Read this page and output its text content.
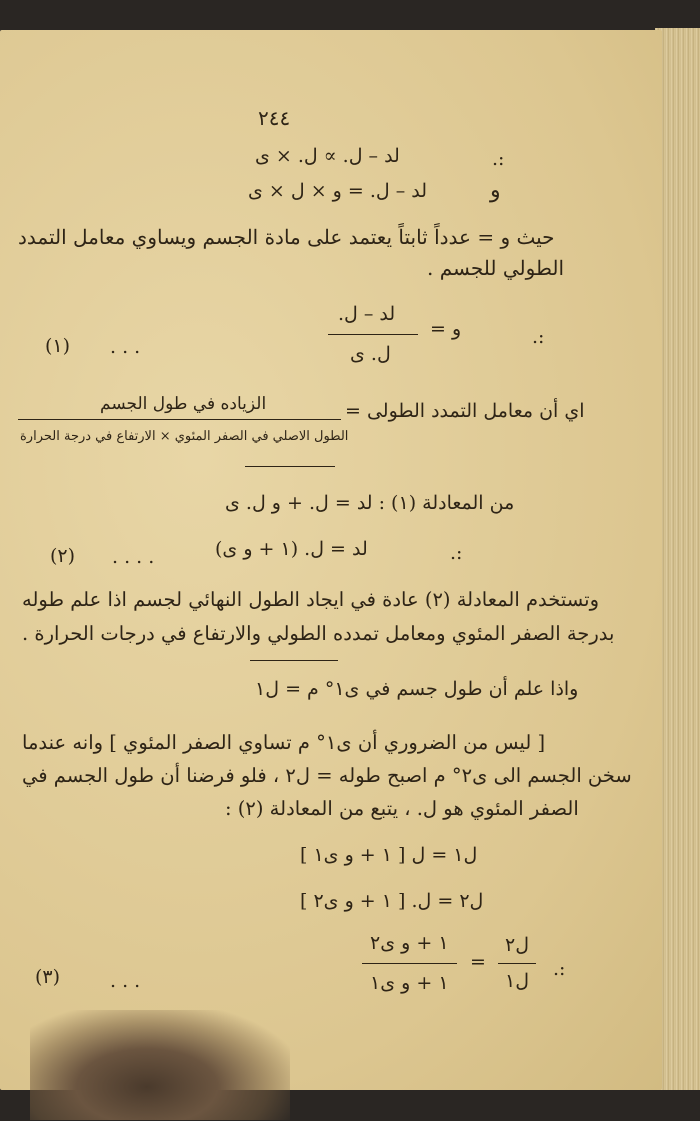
٢٤٤
.:
لد – ل. ∝ ل. × ى
ﻭ
لد – ل. = و × ل × ى
حيث و = عدداً ثابتاً يعتمد على مادة الجسم ويساوي معامل التمدد
الطولي للجسم .
.:
و =
لد – ل.
ل. ى
. . .
(١)
اي أن معامل التمدد الطولى =
الزياده في طول الجسم
الطول الاصلي في الصفر المئوي × الارتفاع في درجة الحرارة
من المعادلة (١) : لد = ل. + و ل. ى
.:
لد = ل. (١ + و ى)
. . . .
(٢)
وتستخدم المعادلة (٢) عادة في ايجاد الطول النهائي لجسم اذا علم طوله
بدرجة الصفر المئوي ومعامل تمدده الطولي والارتفاع في درجات الحرارة .
واذا علم أن طول جسم في ى١° م = ل١
[ ليس من الضروري أن ى١° م تساوي الصفر المئوي ] وانه عندما
سخن الجسم الى ى٢° م اصبح طوله = ل٢ ، فلو فرضنا أن طول الجسم في
الصفر المئوي هو ل. ، يتبع من المعادلة (٢) :
ل١ = ل [ ١ + و ى١ ]
ل٢ = ل. [ ١ + و ى٢ ]
.:
ل٢
ل١
=
١ + و ى٢
١ + و ى١
. . .
(٣)
